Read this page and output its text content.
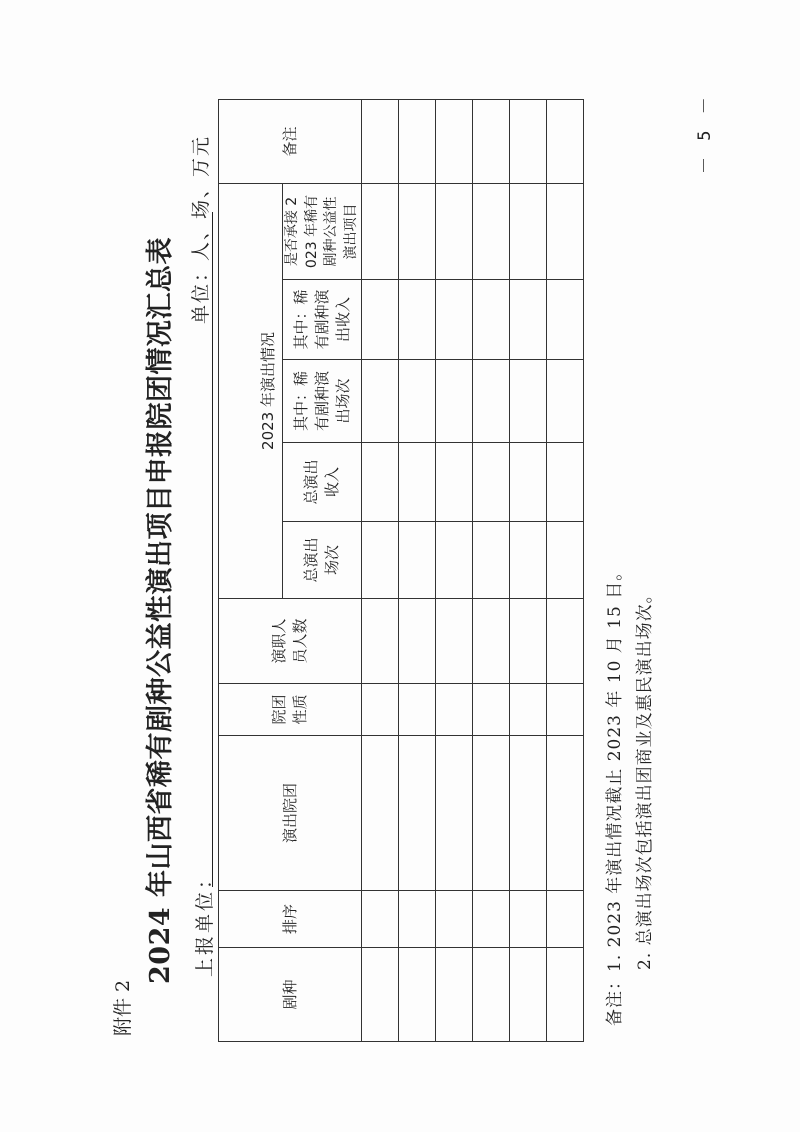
附件 2
2024 年山西省稀有剧种公益性演出项目申报院团情况汇总表 上报单位：
单位：人、场、万元
剧种	排序	演出院团	院团性质	演职人员人数						备注
					2023 年演出情况					

					总演出场次	总演出收入	其中：稀有剧种演出场次	其中：稀有剧种演出收入	是否承接 2023 年稀有剧种公益性演出项目	

备注：1. 2023 年演出情况截止 2023 年 10 月 15 日。 2. 总演出场次包括演出团商业及惠民演出场次。
－ 5 －
